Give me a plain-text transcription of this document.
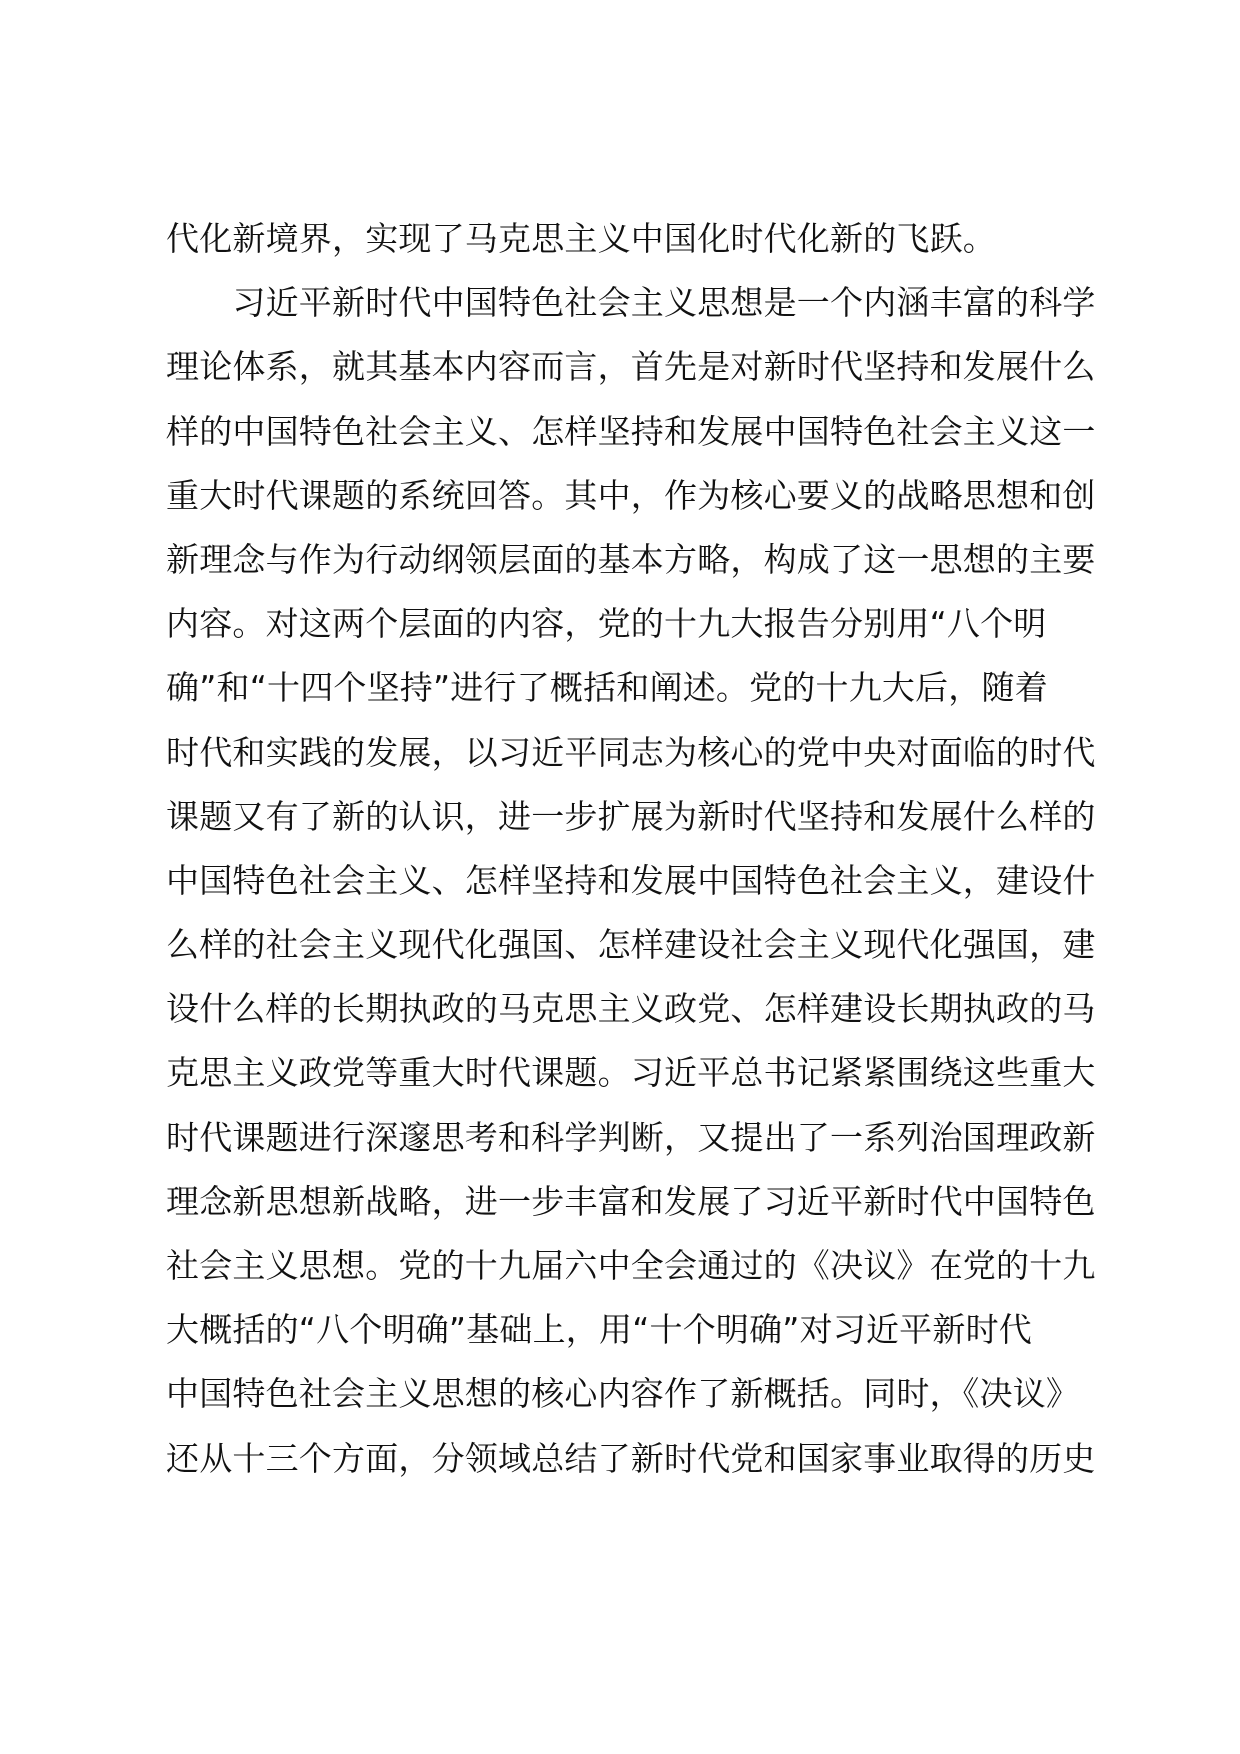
代化新境界，实现了马克思主义中国化时代化新的飞跃。
　　习近平新时代中国特色社会主义思想是一个内涵丰富的科学
理论体系，就其基本内容而言，首先是对新时代坚持和发展什么
样的中国特色社会主义、怎样坚持和发展中国特色社会主义这一
重大时代课题的系统回答。其中，作为核心要义的战略思想和创
新理念与作为行动纲领层面的基本方略，构成了这一思想的主要
内容。对这两个层面的内容，党的十九大报告分别用“八个明
确”和“十四个坚持”进行了概括和阐述。党的十九大后，随着
时代和实践的发展，以习近平同志为核心的党中央对面临的时代
课题又有了新的认识，进一步扩展为新时代坚持和发展什么样的
中国特色社会主义、怎样坚持和发展中国特色社会主义，建设什
么样的社会主义现代化强国、怎样建设社会主义现代化强国，建
设什么样的长期执政的马克思主义政党、怎样建设长期执政的马
克思主义政党等重大时代课题。习近平总书记紧紧围绕这些重大
时代课题进行深邃思考和科学判断，又提出了一系列治国理政新
理念新思想新战略，进一步丰富和发展了习近平新时代中国特色
社会主义思想。党的十九届六中全会通过的《决议》在党的十九
大概括的“八个明确”基础上，用“十个明确”对习近平新时代
中国特色社会主义思想的核心内容作了新概括。同时，《决议》
还从十三个方面，分领域总结了新时代党和国家事业取得的历史
